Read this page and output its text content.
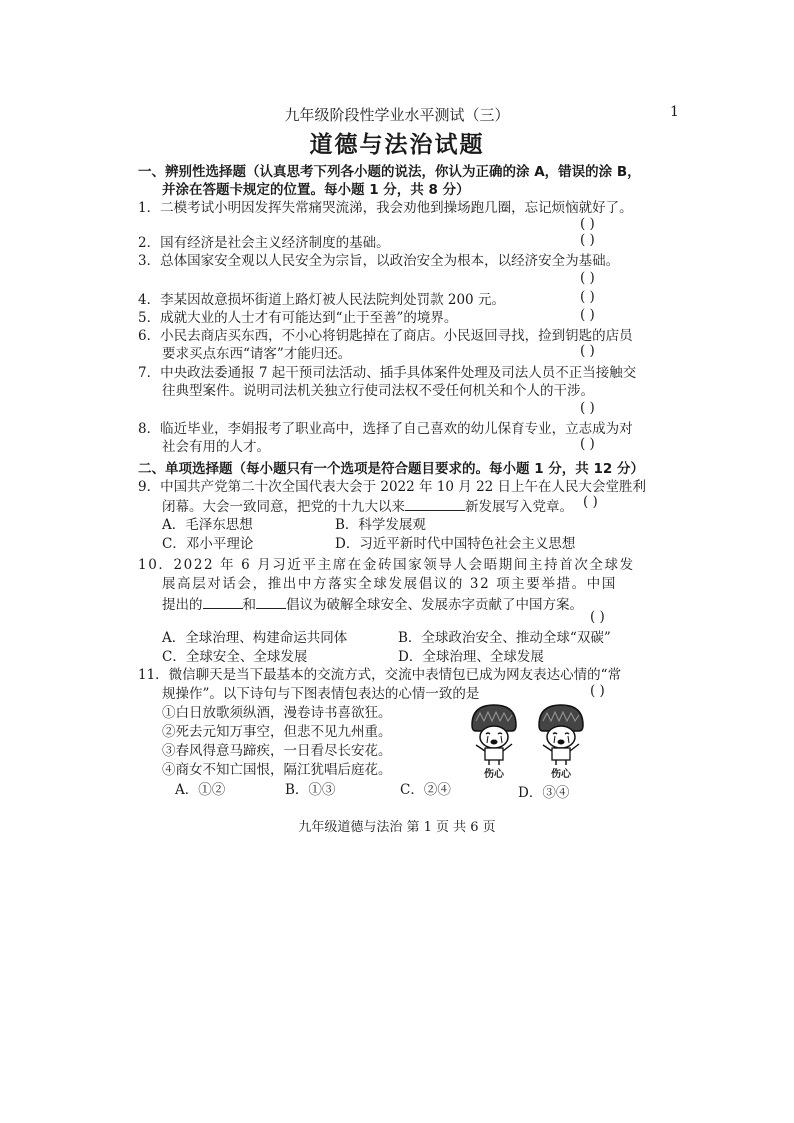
九年级阶段性学业水平测试（三）	1
道德与法治试题
一、辨别性选择题（认真思考下列各小题的说法，你认为正确的涂 A，错误的涂 B，
并涂在答题卡规定的位置。每小题 1 分，共 8 分）
1．二模考试小明因发挥失常痛哭流涕，我会劝他到操场跑几圈，忘记烦恼就好了。
( )
2．国有经济是社会主义经济制度的基础。	( )
3．总体国家安全观以人民安全为宗旨，以政治安全为根本，以经济安全为基础。
( )
4．李某因故意损坏街道上路灯被人民法院判处罚款 200 元。	( )
5．成就大业的人士才有可能达到“止于至善”的境界。	( )
6．小民去商店买东西，不小心将钥匙掉在了商店。小民返回寻找，捡到钥匙的店员
要求买点东西“请客”才能归还。	( )
7．中央政法委通报 7 起干预司法活动、插手具体案件处理及司法人员不正当接触交
往典型案件。说明司法机关独立行使司法权不受任何机关和个人的干涉。
( )
8．临近毕业，李娟报考了职业高中，选择了自己喜欢的幼儿保育专业，立志成为对
社会有用的人才。	( )
二、单项选择题（每小题只有一个选项是符合题目要求的。每小题 1 分，共 12 分）
9．中国共产党第二十次全国代表大会于 2022 年 10 月 22 日上午在人民大会堂胜利
闭幕。大会一致同意，把党的十九大以来	新发展写入党章。 ( )
A．毛泽东思想	B．科学发展观
C．邓小平理论	D．习近平新时代中国特色社会主义思想
10．2022 年 6 月习近平主席在金砖国家领导人会晤期间主持首次全球发
展高层对话会，推出中方落实全球发展倡议的 32 项主要举措。中国
提出的	和 倡议为破解全球安全、发展赤字贡献了中国方案。
( )
A．全球治理、构建命运共同体	B．全球政治安全、推动全球“双碳”
C．全球安全、全球发展	D．全球治理、全球发展
11．微信聊天是当下最基本的交流方式，交流中表情包已成为网友表达心情的“常
规操作”。以下诗句与下图表情包表达的心情一致的是	( )
①白日放歌须纵酒，漫卷诗书喜欲狂。
②死去元知万事空，但悲不见九州重。
③春风得意马蹄疾，一日看尽长安花。
④商女不知亡国恨，隔江犹唱后庭花。
A．①②	B．①③	C．②④	D．③④
伤心	伤心
九年级道德与法治 第 1 页 共 6 页
